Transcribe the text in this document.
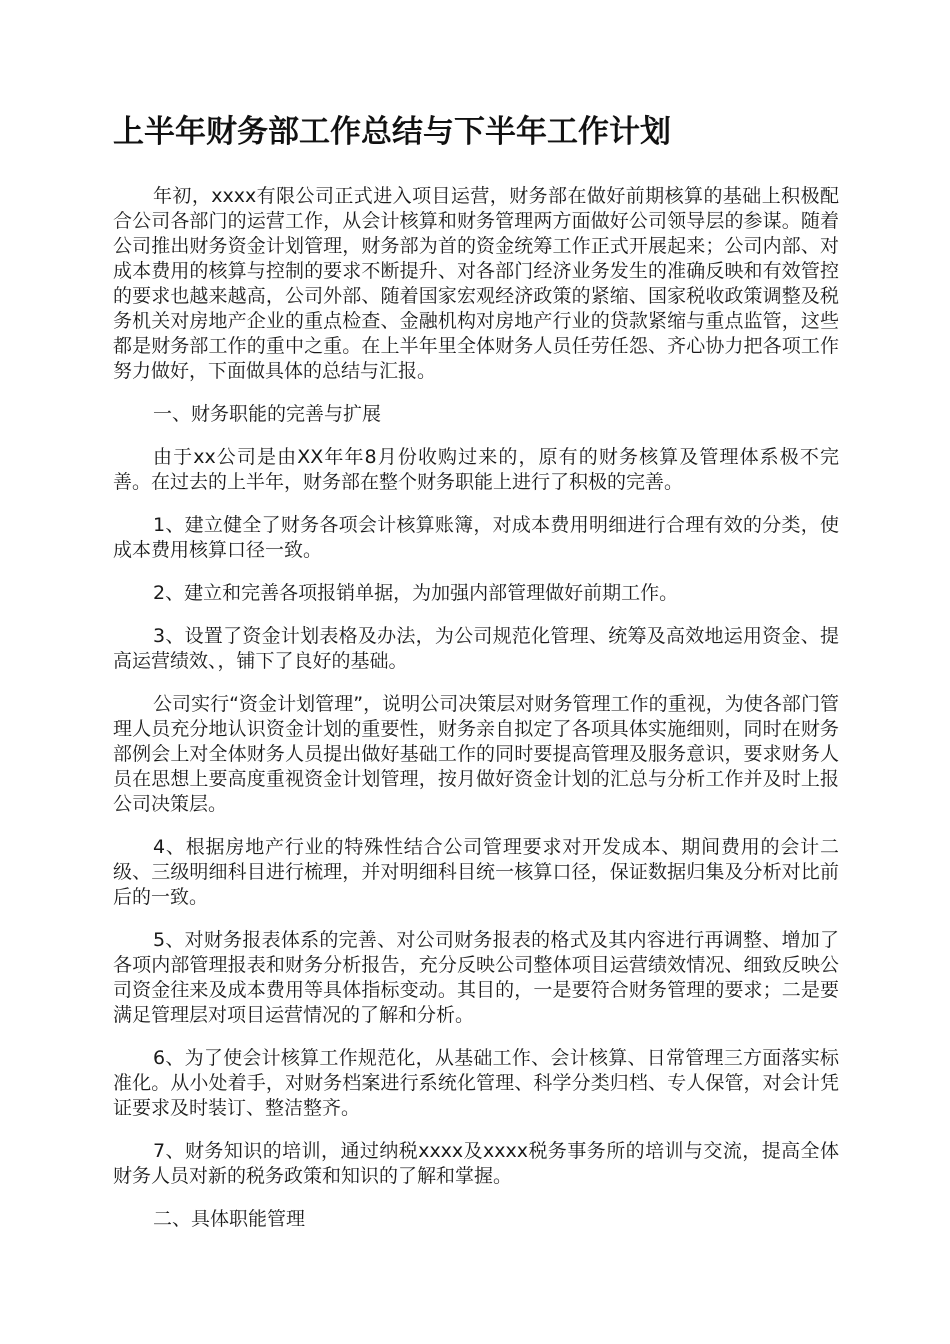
上半年财务部工作总结与下半年工作计划

年初，xxxx有限公司正式进入项目运营，财务部在做好前期核算的基础上积极配合公司各部门的运营工作，从会计核算和财务管理两方面做好公司领导层的参谋。随着公司推出财务资金计划管理，财务部为首的资金统筹工作正式开展起来；公司内部、对成本费用的核算与控制的要求不断提升、对各部门经济业务发生的准确反映和有效管控的要求也越来越高，公司外部、随着国家宏观经济政策的紧缩、国家税收政策调整及税务机关对房地产企业的重点检查、金融机构对房地产行业的贷款紧缩与重点监管，这些都是财务部工作的重中之重。在上半年里全体财务人员任劳任怨、齐心协力把各项工作努力做好，下面做具体的总结与汇报。

一、财务职能的完善与扩展

由于xx公司是由XX年年8月份收购过来的，原有的财务核算及管理体系极不完善。在过去的上半年，财务部在整个财务职能上进行了积极的完善。

1、建立健全了财务各项会计核算账簿，对成本费用明细进行合理有效的分类，使成本费用核算口径一致。

2、建立和完善各项报销单据，为加强内部管理做好前期工作。

3、设置了资金计划表格及办法，为公司规范化管理、统筹及高效地运用资金、提高运营绩效、，铺下了良好的基础。

公司实行“资金计划管理”，说明公司决策层对财务管理工作的重视，为使各部门管理人员充分地认识资金计划的重要性，财务亲自拟定了各项具体实施细则，同时在财务部例会上对全体财务人员提出做好基础工作的同时要提高管理及服务意识，要求财务人员在思想上要高度重视资金计划管理，按月做好资金计划的汇总与分析工作并及时上报公司决策层。

4、根据房地产行业的特殊性结合公司管理要求对开发成本、期间费用的会计二级、三级明细科目进行梳理，并对明细科目统一核算口径，保证数据归集及分析对比前后的一致。

5、对财务报表体系的完善、对公司财务报表的格式及其内容进行再调整、增加了各项内部管理报表和财务分析报告，充分反映公司整体项目运营绩效情况、细致反映公司资金往来及成本费用等具体指标变动。其目的，一是要符合财务管理的要求；二是要满足管理层对项目运营情况的了解和分析。

6、为了使会计核算工作规范化，从基础工作、会计核算、日常管理三方面落实标准化。从小处着手，对财务档案进行系统化管理、科学分类归档、专人保管，对会计凭证要求及时装订、整洁整齐。

7、财务知识的培训，通过纳税xxxx及xxxx税务事务所的培训与交流，提高全体财务人员对新的税务政策和知识的了解和掌握。

二、具体职能管理
